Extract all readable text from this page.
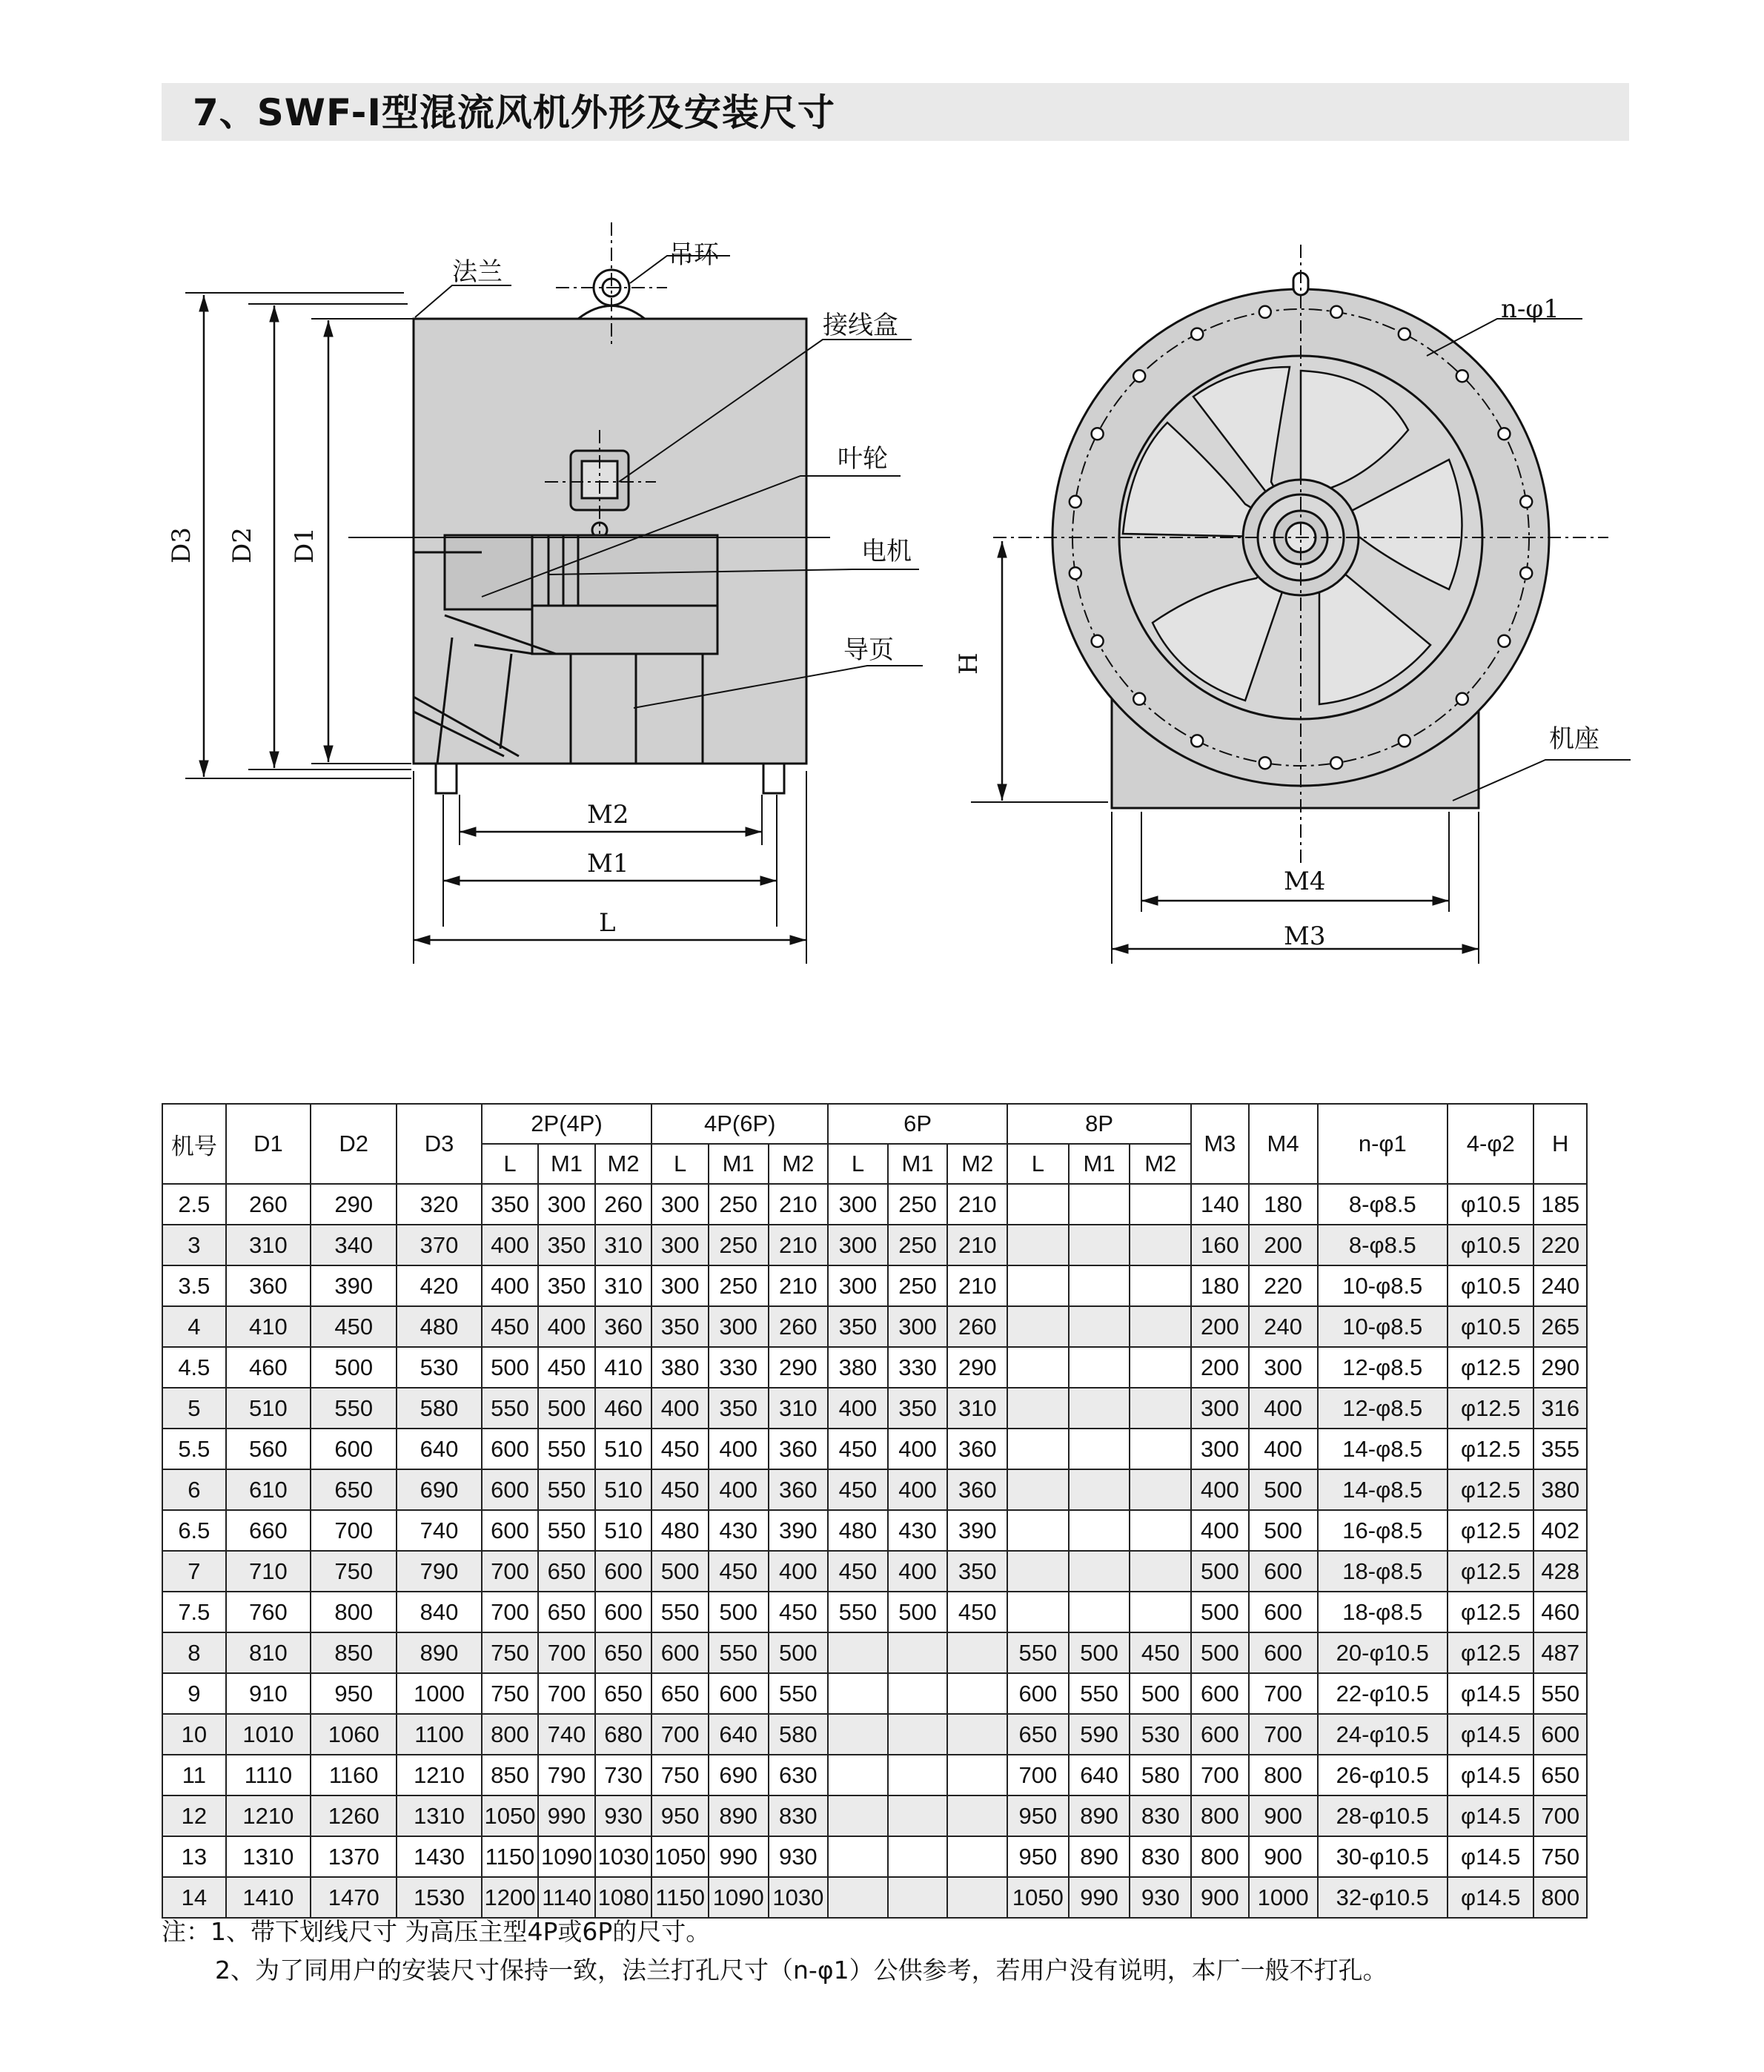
7、SWF-I型混流风机外形及安装尺寸
法兰
吊环
接线盒
叶轮
电机
导页
D3 D2 D1
M2
M1
L
n-φ1
机座
H
M4
M3
机号	D1	D2	D3	2P(4P)			4P(6P)			6P			8P			M3	M4	n-φ1	4-φ2	H
				L	M1	M2	L	M1	M2	L	M1	M2	L	M1	M2					
2.5	260	290	320	350	300	260	300	250	210	300	250	210				140	180	8-φ8.5	φ10.5	185
3	310	340	370	400	350	310	300	250	210	300	250	210				160	200	8-φ8.5	φ10.5	220
3.5	360	390	420	400	350	310	300	250	210	300	250	210				180	220	10-φ8.5	φ10.5	240
4	410	450	480	450	400	360	350	300	260	350	300	260				200	240	10-φ8.5	φ10.5	265
4.5	460	500	530	500	450	410	380	330	290	380	330	290				200	300	12-φ8.5	φ12.5	290
5	510	550	580	550	500	460	400	350	310	400	350	310				300	400	12-φ8.5	φ12.5	316
5.5	560	600	640	600	550	510	450	400	360	450	400	360				300	400	14-φ8.5	φ12.5	355
6	610	650	690	600	550	510	450	400	360	450	400	360				400	500	14-φ8.5	φ12.5	380
6.5	660	700	740	600	550	510	480	430	390	480	430	390				400	500	16-φ8.5	φ12.5	402
7	710	750	790	700	650	600	500	450	400	450	400	350				500	600	18-φ8.5	φ12.5	428
7.5	760	800	840	700	650	600	550	500	450	550	500	450				500	600	18-φ8.5	φ12.5	460
8	810	850	890	750	700	650	600	550	500				550	500	450	500	600	20-φ10.5	φ12.5	487
9	910	950	1000	750	700	650	650	600	550				600	550	500	600	700	22-φ10.5	φ14.5	550
10	1010	1060	1100	800	740	680	700	640	580				650	590	530	600	700	24-φ10.5	φ14.5	600
11	1110	1160	1210	850	790	730	750	690	630				700	640	580	700	800	26-φ10.5	φ14.5	650
12	1210	1260	1310	1050	990	930	950	890	830				950	890	830	800	900	28-φ10.5	φ14.5	700
13	1310	1370	1430	1150	1090	1030	1050	990	930				950	890	830	800	900	30-φ10.5	φ14.5	750
14	1410	1470	1530	1200	1140	1080	1150	1090	1030				1050	990	930	900	1000	32-φ10.5	φ14.5	800
注：1、带下划线尺寸 为高压主型4P或6P的尺寸。
2、为了同用户的安装尺寸保持一致，法兰打孔尺寸（n-φ1）公供参考，若用户没有说明，本厂一般不打孔。
